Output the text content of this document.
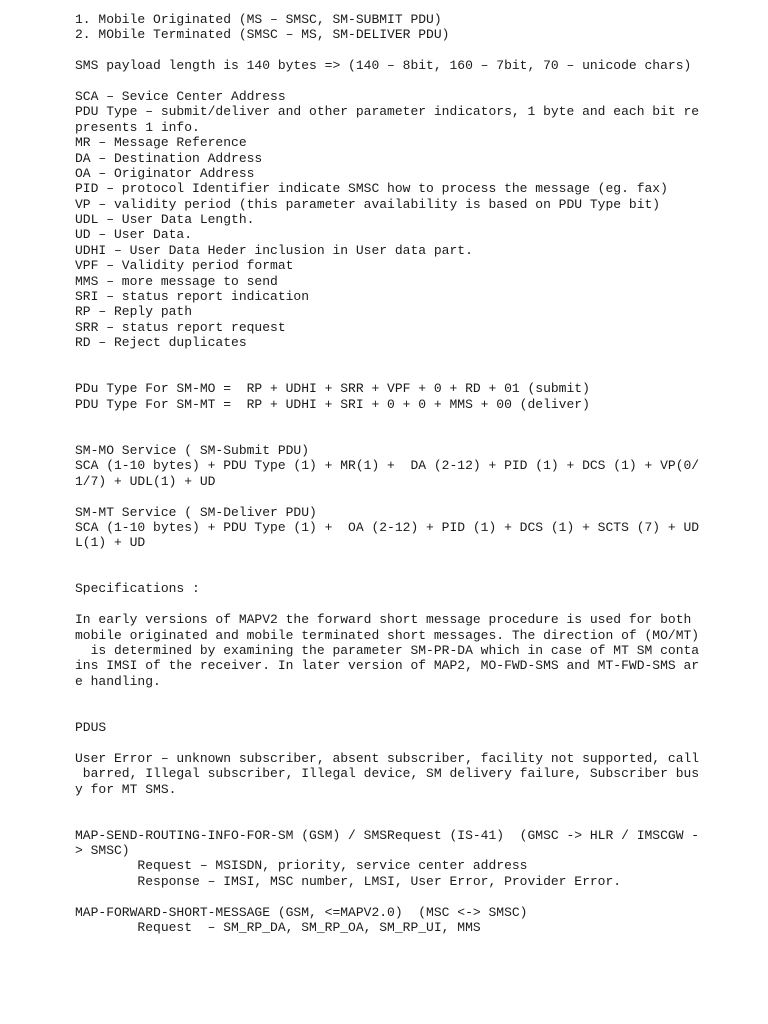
1. Mobile Originated (MS – SMSC, SM-SUBMIT PDU)
2. MObile Terminated (SMSC – MS, SM-DELIVER PDU)
SMS payload length is 140 bytes => (140 – 8bit, 160 – 7bit, 70 – unicode chars)
SCA – Sevice Center Address
PDU Type – submit/deliver and other parameter indicators, 1 byte and each bit re
presents 1 info.
MR – Message Reference
DA – Destination Address
OA – Originator Address
PID – protocol Identifier indicate SMSC how to process the message (eg. fax)
VP – validity period (this parameter availability is based on PDU Type bit)
UDL – User Data Length.
UD – User Data.
UDHI – User Data Heder inclusion in User data part.
VPF – Validity period format
MMS – more message to send
SRI – status report indication
RP – Reply path
SRR – status report request
RD – Reject duplicates
PDu Type For SM-MO =  RP + UDHI + SRR + VPF + 0 + RD + 01 (submit)
PDU Type For SM-MT =  RP + UDHI + SRI + 0 + 0 + MMS + 00 (deliver)
SM-MO Service ( SM-Submit PDU)
SCA (1-10 bytes) + PDU Type (1) + MR(1) +  DA (2-12) + PID (1) + DCS (1) + VP(0/
1/7) + UDL(1) + UD
SM-MT Service ( SM-Deliver PDU)
SCA (1-10 bytes) + PDU Type (1) +  OA (2-12) + PID (1) + DCS (1) + SCTS (7) + UD
L(1) + UD
Specifications :
In early versions of MAPV2 the forward short message procedure is used for both
mobile originated and mobile terminated short messages. The direction of (MO/MT)
is determined by examining the parameter SM-PR-DA which in case of MT SM conta
ins IMSI of the receiver. In later version of MAP2, MO-FWD-SMS and MT-FWD-SMS ar
e handling.
PDUS
User Error – unknown subscriber, absent subscriber, facility not supported, call
barred, Illegal subscriber, Illegal device, SM delivery failure, Subscriber bus
y for MT SMS.
MAP-SEND-ROUTING-INFO-FOR-SM (GSM) / SMSRequest (IS-41)  (GMSC -> HLR / IMSCGW -
> SMSC)
Request – MSISDN, priority, service center address
Response – IMSI, MSC number, LMSI, User Error, Provider Error.
MAP-FORWARD-SHORT-MESSAGE (GSM, <=MAPV2.0)  (MSC <-> SMSC)
Request  – SM_RP_DA, SM_RP_OA, SM_RP_UI, MMS
